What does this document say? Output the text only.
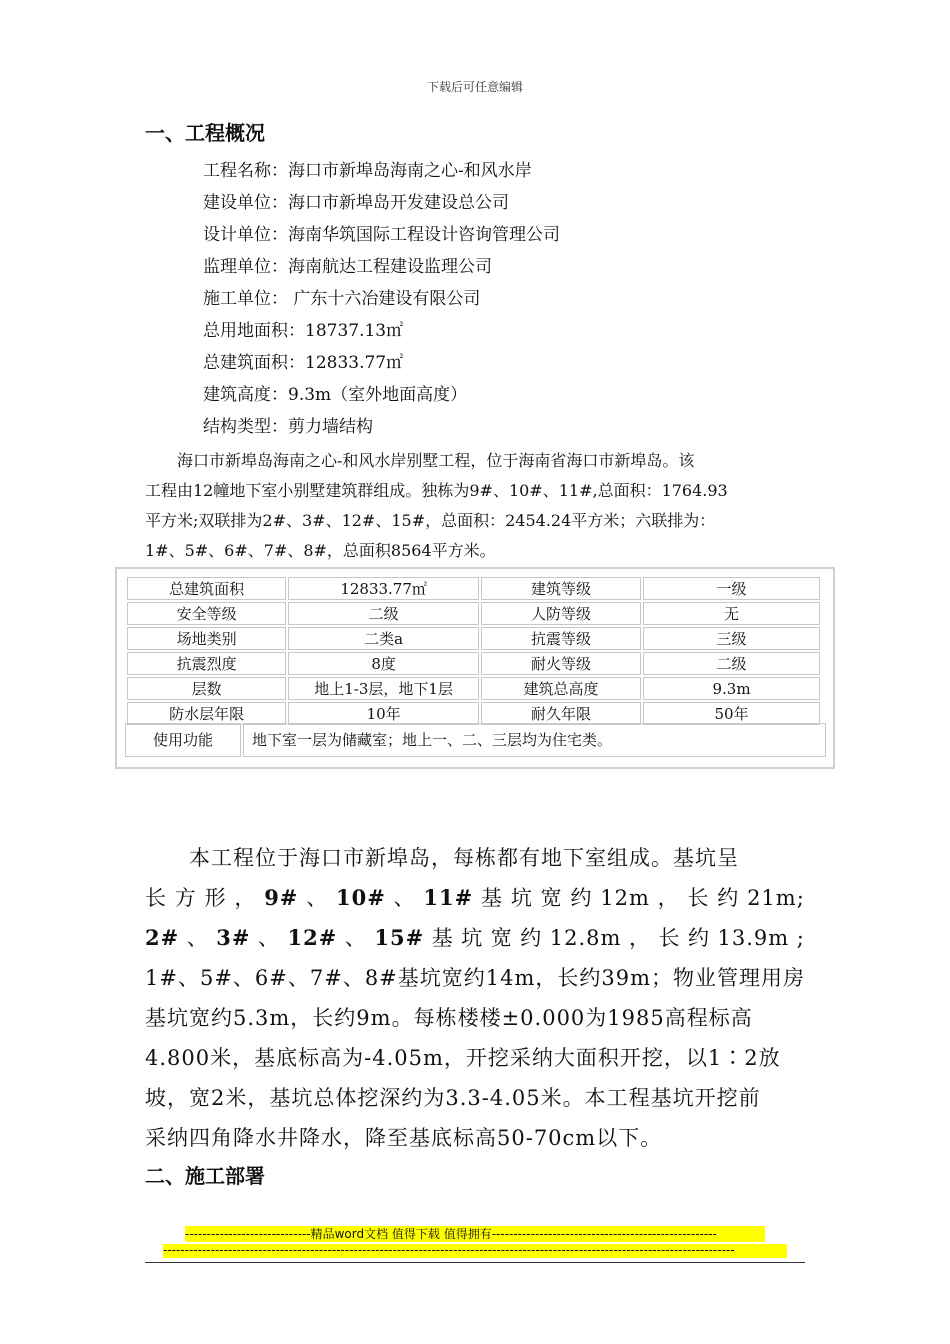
下载后可任意编辑
一、工程概况
工程名称：海口市新埠岛海南之心-和风水岸
建设单位：海口市新埠岛开发建设总公司
设计单位：海南华筑国际工程设计咨询管理公司
监理单位：海南航达工程建设监理公司
施工单位： 广东十六冶建设有限公司
总用地面积：18737.13㎡
总建筑面积：12833.77㎡
建筑高度：9.3m（室外地面高度）
结构类型：剪力墙结构
　　海口市新埠岛海南之心-和风水岸别墅工程，位于海南省海口市新埠岛。该
工程由12幢地下室小别墅建筑群组成。独栋为9#、10#、11#,总面积：1764.93
平方米;双联排为2#、3#、12#、15#，总面积：2454.24平方米；六联排为：
1#、5#、6#、7#、8#，总面积8564平方米。
总建筑面积	12833.77㎡	建筑等级	一级
安全等级	二级	人防等级	无
场地类别	二类a	抗震等级	三级
抗震烈度	8度	耐火等级	二级
层数	地上1-3层，地下1层	建筑总高度	9.3m
防水层年限	10年	耐久年限	50年
使用功能	地下室一层为储藏室；地上一、二、三层均为住宅类。
　　本工程位于海口市新埠岛，每栋都有地下室组成。基坑呈
长 方 形 ， 9# 、 10# 、 11# 基 坑 宽 约 12m ， 长 约 21m;
2# 、 3# 、 12# 、 15# 基 坑 宽 约 12.8m ， 长 约 13.9m ;
1#、5#、6#、7#、8#基坑宽约14m，长约39m；物业管理用房
基坑宽约5.3m，长约9m。每栋楼楼±0.000为1985高程标高
4.800米，基底标高为-4.05m，开挖采纳大面积开挖，以1∶2放
坡，宽2米，基坑总体挖深约为3.3-4.05米。本工程基坑开挖前
采纳四角降水井降水，降至基底标高50-70cm以下。
二、施工部署
-----------------------------精品word文档 值得下载 值得拥有----------------------------------------------------
------------------------------------------------------------------------------------------------------------------------------------
